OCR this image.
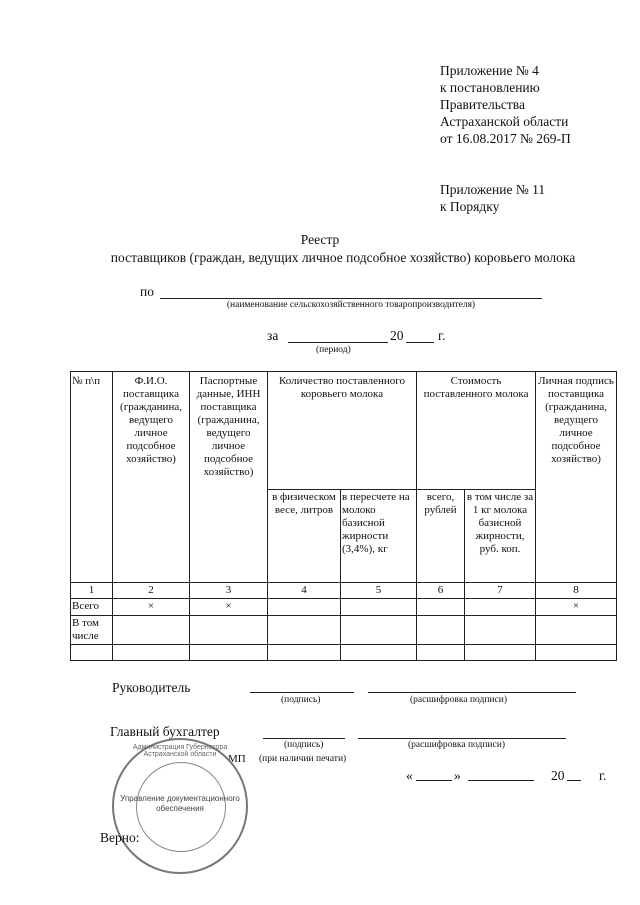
Приложение № 4
к постановлению
Правительства
Астраханской области
от 16.08.2017 № 269-П
Приложение № 11
к Порядку
Реестр
поставщиков (граждан, ведущих личное подсобное хозяйство) коровьего молока
по
(наименование сельскохозяйственного товаропроизводителя)
за	20	г.
(период)
№ п\п	Ф.И.О. поставщика (гражданина, ведущего личное подсобное хозяйство)	Паспортные данные, ИНН поставщика (гражданина, ведущего личное подсобное хозяйство)	Количество поставленного коровьего молока		Стоимость поставленного молока		Личная подпись поставщика (гражданина, ведущего личное подсобное хозяйство)
			в физическом весе, литров	в пересчете на молоко базисной жирности (3,4%), кг	всего, рублей	в том числе за 1 кг молока базисной жирности, руб. коп.	
1	2	3	4	5	6	7	8
Всего	×	×					×
В том числе							

Руководитель
(подпись)	(расшифровка подписи)
Главный бухгалтер
(подпись)	(расшифровка подписи)
МП (при наличии печати)
«	»	20	г.
Администрация Губернатора Астраханской области
Управление документационного обеспечения
Верно:
